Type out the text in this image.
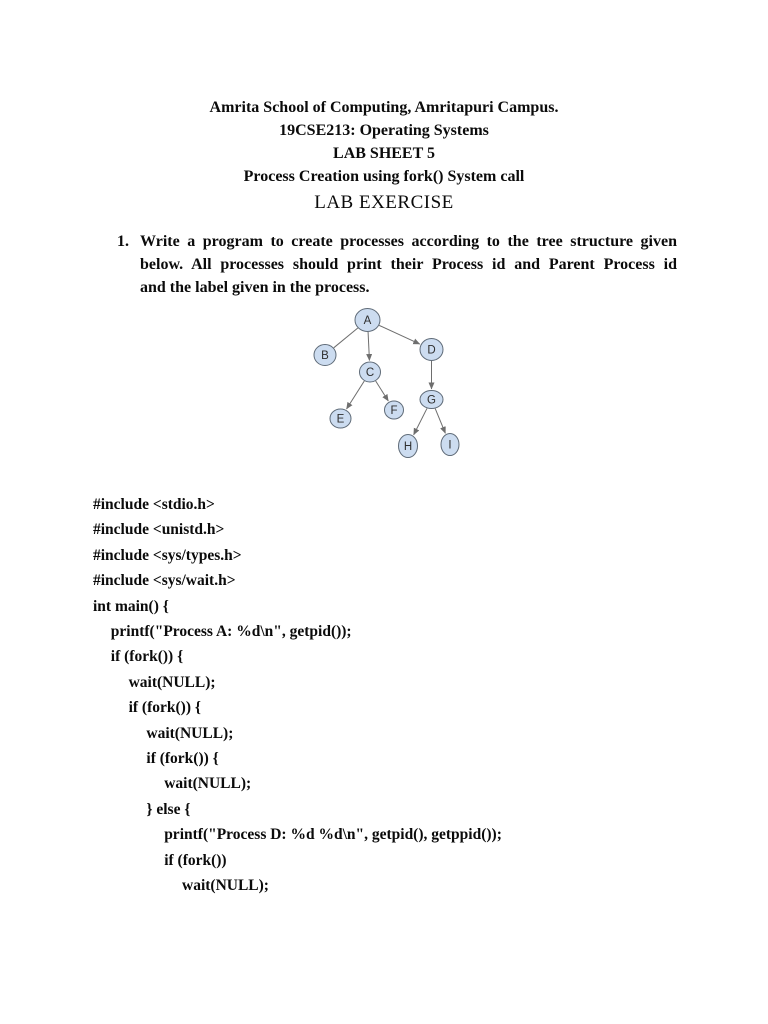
Amrita School of Computing, Amritapuri Campus.
19CSE213: Operating Systems
LAB SHEET 5
Process Creation using fork() System call
LAB EXERCISE
1. Write a program to create processes according to the tree structure given
below. All processes should print their Process id and Parent Process id
and the label given in the process.
A
B
C
D
E
F
G
H	I
#include <stdio.h>
#include <unistd.h>
#include <sys/types.h>
#include <sys/wait.h>
int main() {
printf("Process A: %d\n", getpid());
if (fork()) {
wait(NULL);
if (fork()) {
wait(NULL);
if (fork()) {
wait(NULL);
} else {
printf("Process D: %d %d\n", getpid(), getppid());
if (fork())
wait(NULL);
